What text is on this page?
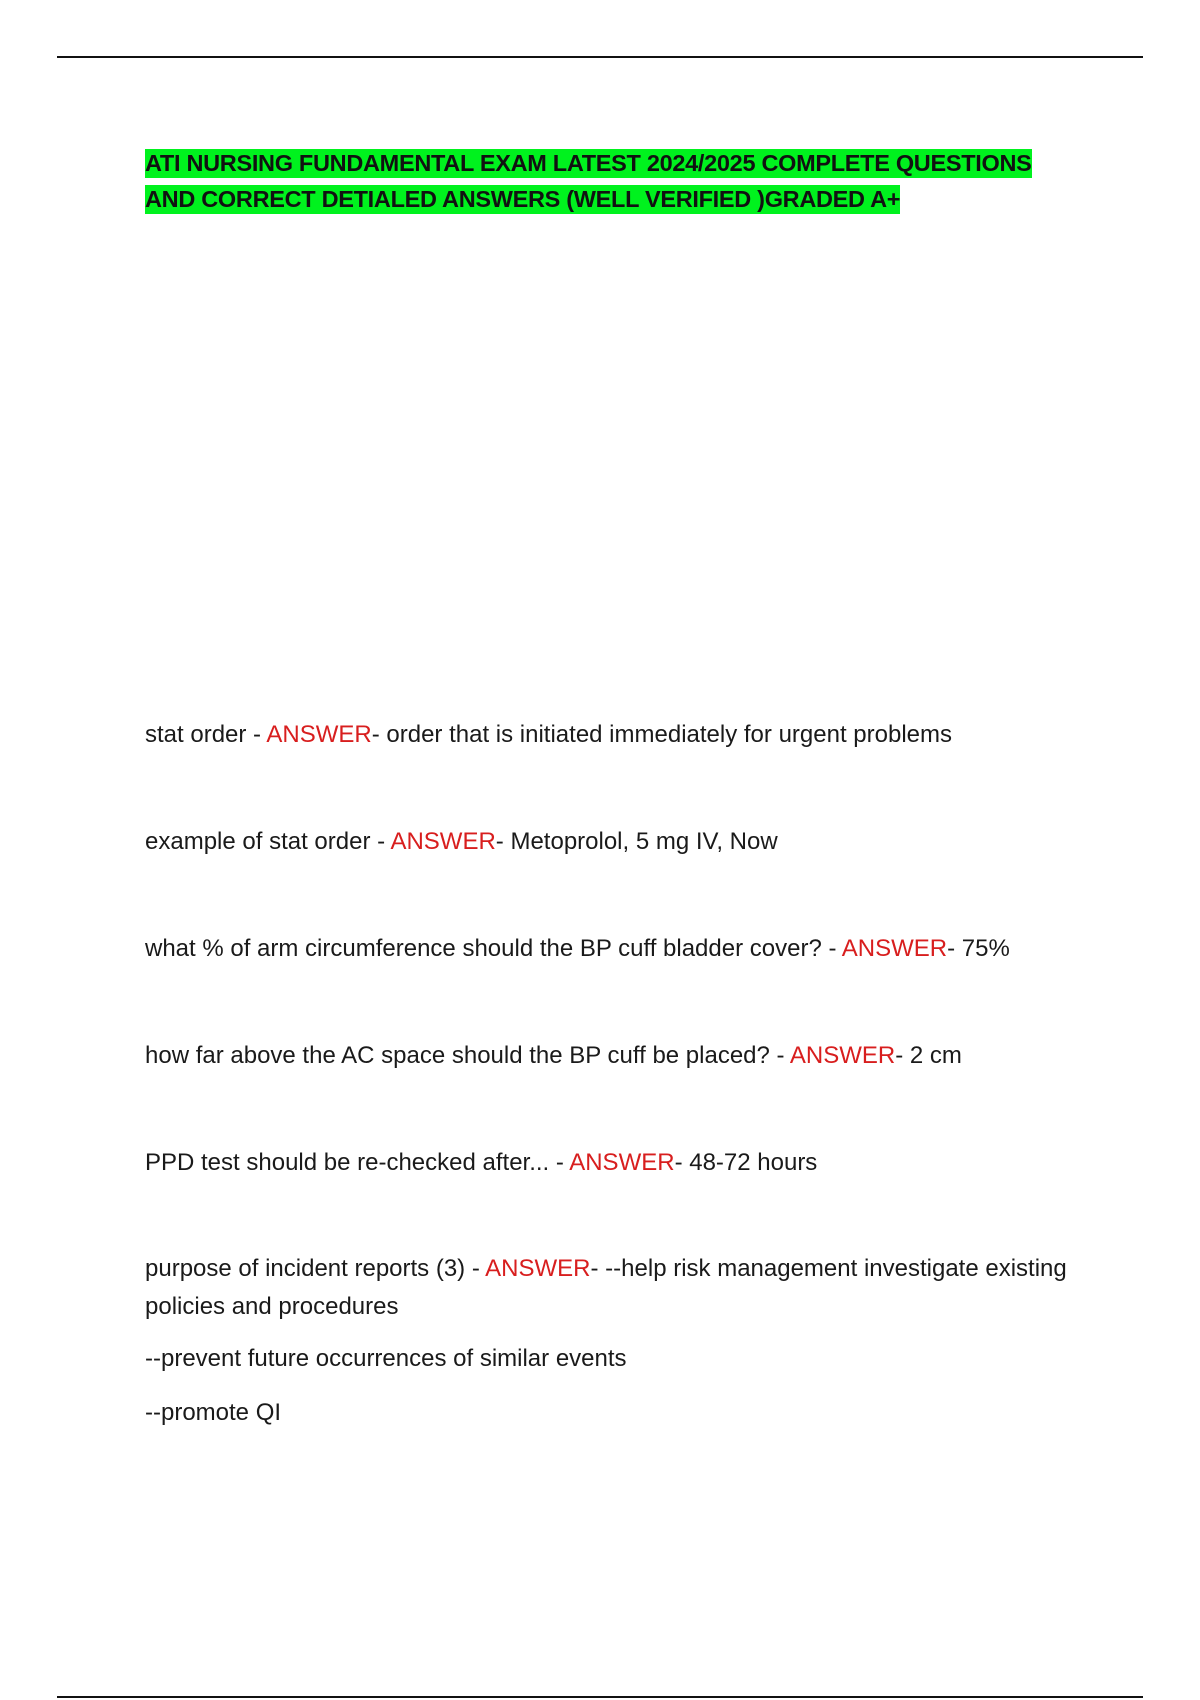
ATI NURSING FUNDAMENTAL EXAM LATEST 2024/2025 COMPLETE QUESTIONS AND CORRECT DETIALED ANSWERS (WELL VERIFIED )GRADED A+
stat order - ANSWER- order that is initiated immediately for urgent problems
example of stat order - ANSWER- Metoprolol, 5 mg IV, Now
what % of arm circumference should the BP cuff bladder cover? - ANSWER- 75%
how far above the AC space should the BP cuff be placed? - ANSWER- 2 cm
PPD test should be re-checked after... - ANSWER- 48-72 hours
purpose of incident reports (3) - ANSWER- --help risk management investigate existing policies and procedures
--prevent future occurrences of similar events
--promote QI
